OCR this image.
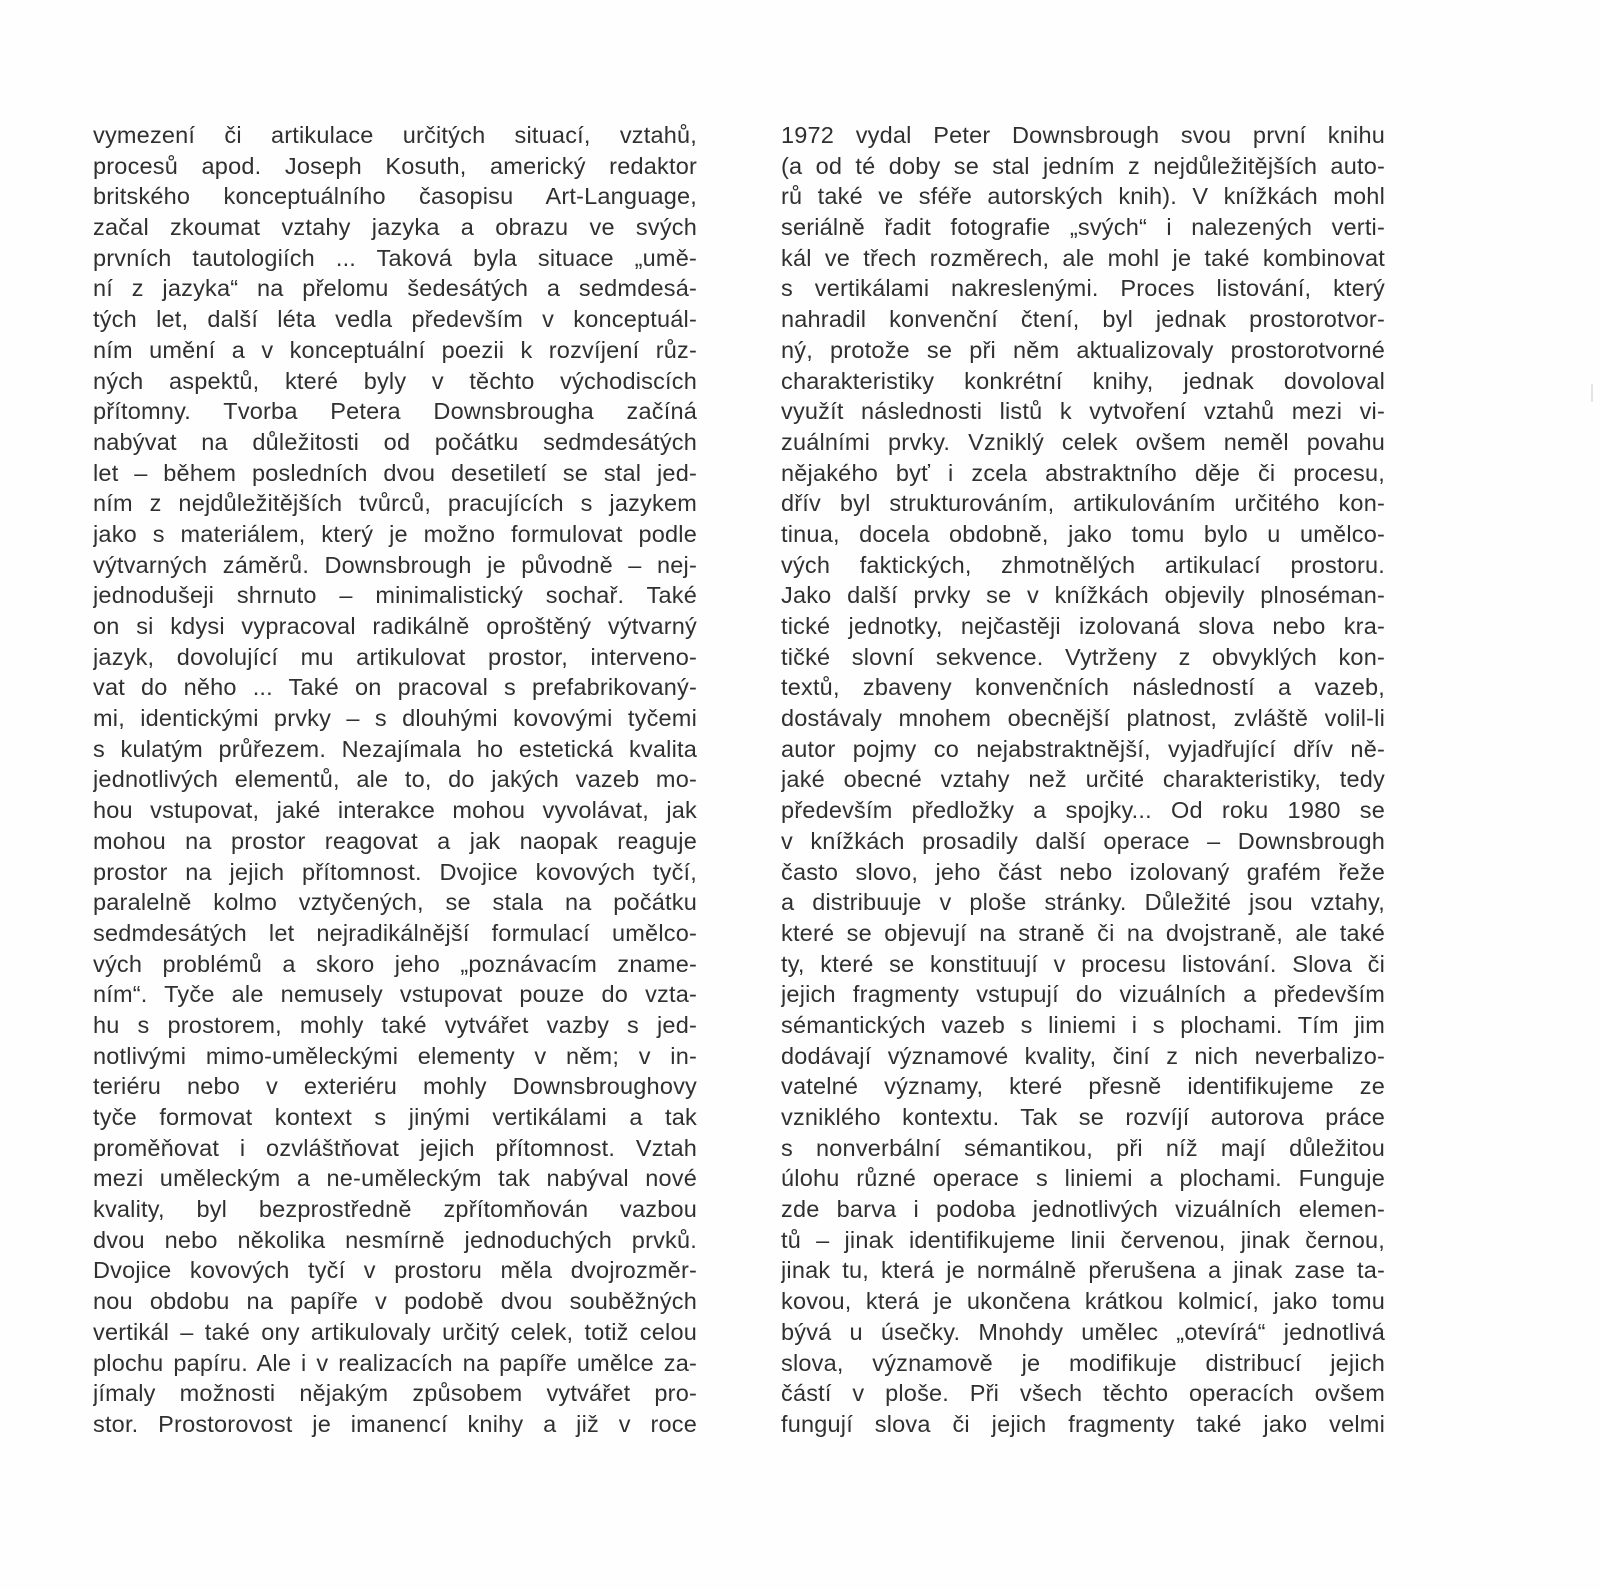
vymezení či artikulace určitých situací, vztahů,
procesů apod. Joseph Kosuth, americký redaktor
britského konceptuálního časopisu Art-Language,
začal zkoumat vztahy jazyka a obrazu ve svých
prvních tautologiích ... Taková byla situace „umě-
ní z jazyka“ na přelomu šedesátých a sedmdesá-
tých let, další léta vedla především v konceptuál-
ním umění a v konceptuální poezii k rozvíjení růz-
ných aspektů, které byly v těchto východiscích
přítomny. Tvorba Petera Downsbrougha začíná
nabývat na důležitosti od počátku sedmdesátých
let – během posledních dvou desetiletí se stal jed-
ním z nejdůležitějších tvůrců, pracujících s jazykem
jako s materiálem, který je možno formulovat podle
výtvarných záměrů. Downsbrough je původně – nej-
jednodušeji shrnuto – minimalistický sochař. Také
on si kdysi vypracoval radikálně oproštěný výtvarný
jazyk, dovolující mu artikulovat prostor, interveno-
vat do něho ... Také on pracoval s prefabrikovaný-
mi, identickými prvky – s dlouhými kovovými tyčemi
s kulatým průřezem. Nezajímala ho estetická kvalita
jednotlivých elementů, ale to, do jakých vazeb mo-
hou vstupovat, jaké interakce mohou vyvolávat, jak
mohou na prostor reagovat a jak naopak reaguje
prostor na jejich přítomnost. Dvojice kovových tyčí,
paralelně kolmo vztyčených, se stala na počátku
sedmdesátých let nejradikálnější formulací umělco-
vých problémů a skoro jeho „poznávacím zname-
ním“. Tyče ale nemusely vstupovat pouze do vzta-
hu s prostorem, mohly také vytvářet vazby s jed-
notlivými mimo-uměleckými elementy v něm; v in-
teriéru nebo v exteriéru mohly Downsbroughovy
tyče formovat kontext s jinými vertikálami a tak
proměňovat i ozvláštňovat jejich přítomnost. Vztah
mezi uměleckým a ne-uměleckým tak nabýval nové
kvality, byl bezprostředně zpřítomňován vazbou
dvou nebo několika nesmírně jednoduchých prvků.
Dvojice kovových tyčí v prostoru měla dvojrozměr-
nou obdobu na papíře v podobě dvou souběžných
vertikál – také ony artikulovaly určitý celek, totiž celou
plochu papíru. Ale i v realizacích na papíře umělce za-
jímaly možnosti nějakým způsobem vytvářet pro-
stor. Prostorovost je imanencí knihy a již v roce
1972 vydal Peter Downsbrough svou první knihu
(a od té doby se stal jedním z nejdůležitějších auto-
rů také ve sféře autorských knih). V knížkách mohl
seriálně řadit fotografie „svých“ i nalezených verti-
kál ve třech rozměrech, ale mohl je také kombinovat
s vertikálami nakreslenými. Proces listování, který
nahradil konvenční čtení, byl jednak prostorotvor-
ný, protože se při něm aktualizovaly prostorotvorné
charakteristiky konkrétní knihy, jednak dovoloval
využít následnosti listů k vytvoření vztahů mezi vi-
zuálními prvky. Vzniklý celek ovšem neměl povahu
nějakého byť i zcela abstraktního děje či procesu,
dřív byl strukturováním, artikulováním určitého kon-
tinua, docela obdobně, jako tomu bylo u umělco-
vých faktických, zhmotnělých artikulací prostoru.
Jako další prvky se v knížkách objevily plnoséman-
tické jednotky, nejčastěji izolovaná slova nebo kra-
tičké slovní sekvence. Vytrženy z obvyklých kon-
textů, zbaveny konvenčních následností a vazeb,
dostávaly mnohem obecnější platnost, zvláště volil-li
autor pojmy co nejabstraktnější, vyjadřující dřív ně-
jaké obecné vztahy než určité charakteristiky, tedy
především předložky a spojky... Od roku 1980 se
v knížkách prosadily další operace – Downsbrough
často slovo, jeho část nebo izolovaný grafém řeže
a distribuuje v ploše stránky. Důležité jsou vztahy,
které se objevují na straně či na dvojstraně, ale také
ty, které se konstituují v procesu listování. Slova či
jejich fragmenty vstupují do vizuálních a především
sémantických vazeb s liniemi i s plochami. Tím jim
dodávají významové kvality, činí z nich neverbalizo-
vatelné významy, které přesně identifikujeme ze
vzniklého kontextu. Tak se rozvíjí autorova práce
s nonverbální sémantikou, při níž mají důležitou
úlohu různé operace s liniemi a plochami. Funguje
zde barva i podoba jednotlivých vizuálních elemen-
tů – jinak identifikujeme linii červenou, jinak černou,
jinak tu, která je normálně přerušena a jinak zase ta-
kovou, která je ukončena krátkou kolmicí, jako tomu
bývá u úsečky. Mnohdy umělec „otevírá“ jednotlivá
slova, významově je modifikuje distribucí jejich
částí v ploše. Při všech těchto operacích ovšem
fungují slova či jejich fragmenty také jako velmi
